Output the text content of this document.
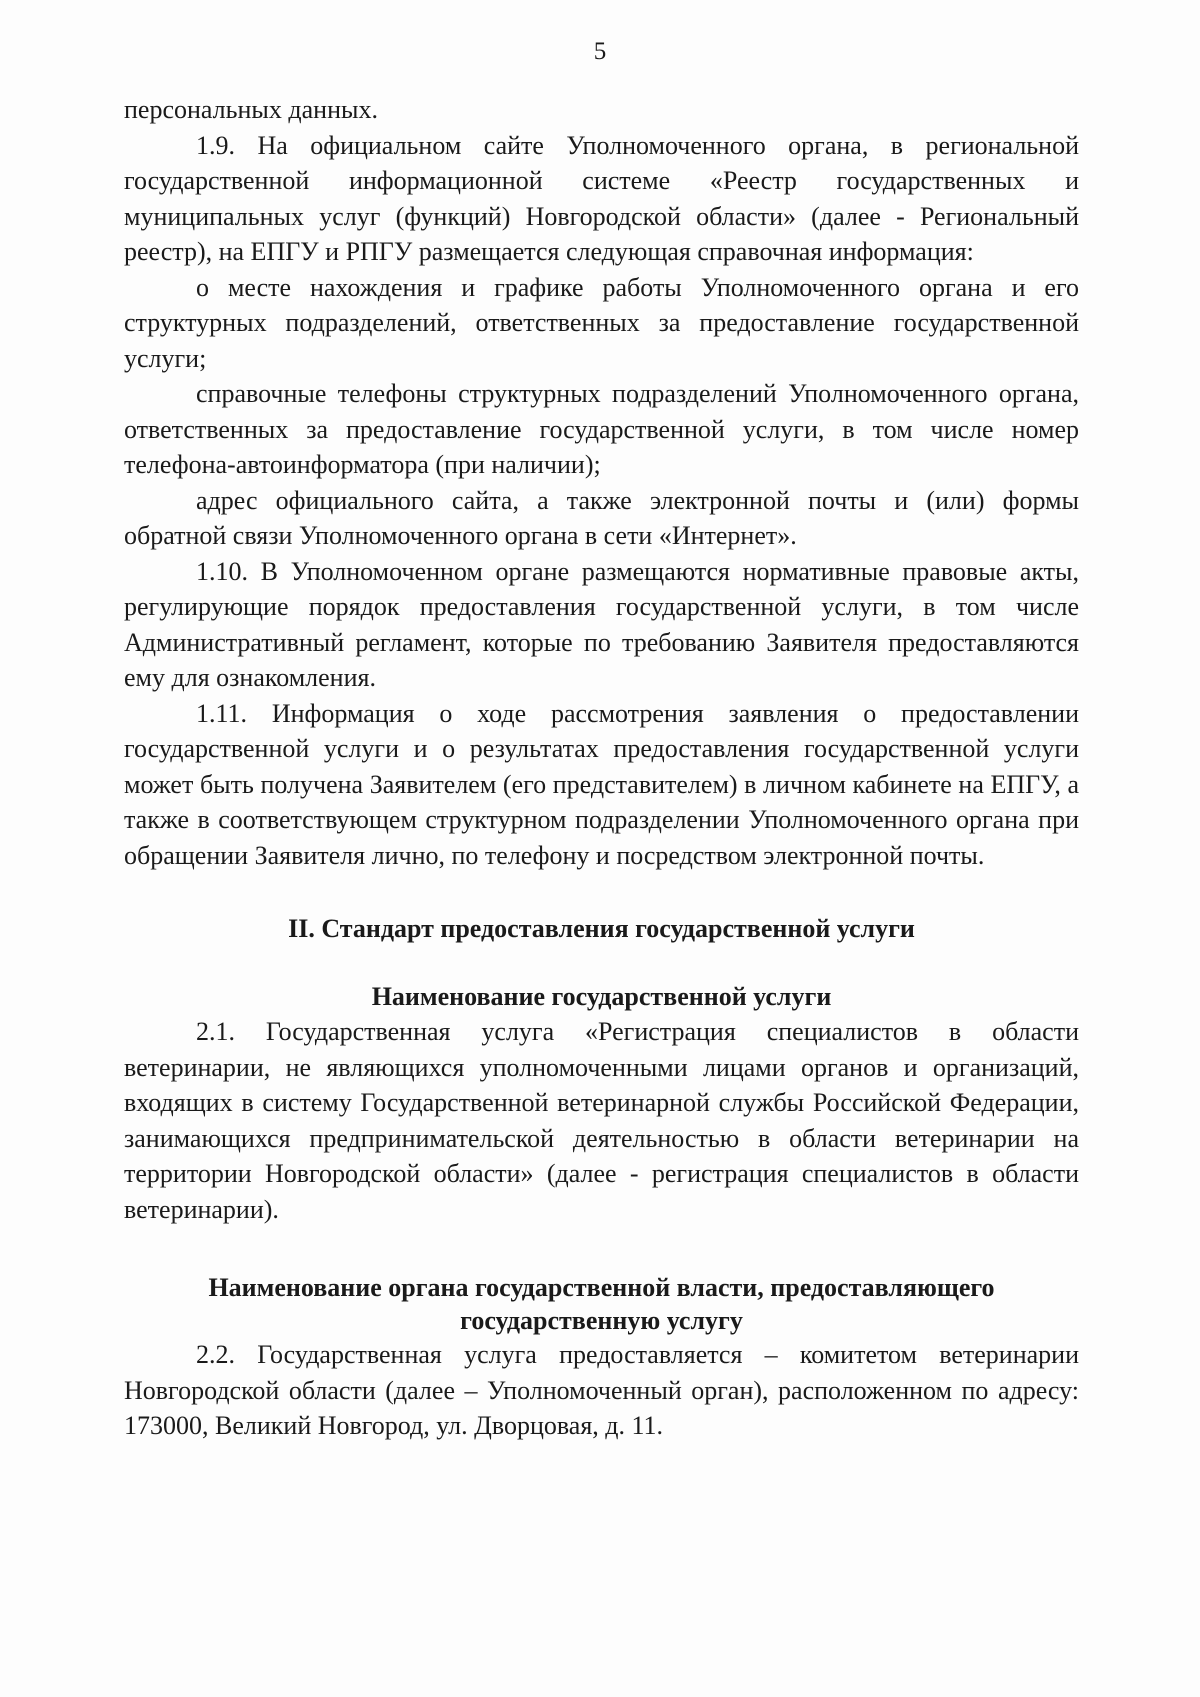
5

персональных данных.

1.9. На официальном сайте Уполномоченного органа, в региональной государственной информационной системе «Реестр государственных и муниципальных услуг (функций) Новгородской области» (далее - Региональный реестр), на ЕПГУ и РПГУ размещается следующая справочная информация:

о месте нахождения и графике работы Уполномоченного органа и его структурных подразделений, ответственных за предоставление государственной услуги;

справочные телефоны структурных подразделений Уполномоченного органа, ответственных за предоставление государственной услуги, в том числе номер телефона-автоинформатора (при наличии);

адрес официального сайта, а также электронной почты и (или) формы обратной связи Уполномоченного органа в сети «Интернет».

1.10. В Уполномоченном органе размещаются нормативные правовые акты, регулирующие порядок предоставления государственной услуги, в том числе Административный регламент, которые по требованию Заявителя предоставляются ему для ознакомления.

1.11. Информация о ходе рассмотрения заявления о предоставлении государственной услуги и о результатах предоставления государственной услуги может быть получена Заявителем (его представителем) в личном кабинете на ЕПГУ, а также в соответствующем структурном подразделении Уполномоченного органа при обращении Заявителя лично, по телефону и посредством электронной почты.

II. Стандарт предоставления государственной услуги
Наименование государственной услуги

2.1. Государственная услуга «Регистрация специалистов в области ветеринарии, не являющихся уполномоченными лицами органов и организаций, входящих в систему Государственной ветеринарной службы Российской Федерации, занимающихся предпринимательской деятельностью в области ветеринарии на территории Новгородской области» (далее - регистрация специалистов в области ветеринарии).

Наименование органа государственной власти, предоставляющего
государственную услугу

2.2. Государственная услуга предоставляется – комитетом ветеринарии Новгородской области (далее – Уполномоченный орган), расположенном по адресу: 173000, Великий Новгород, ул. Дворцовая, д. 11.
